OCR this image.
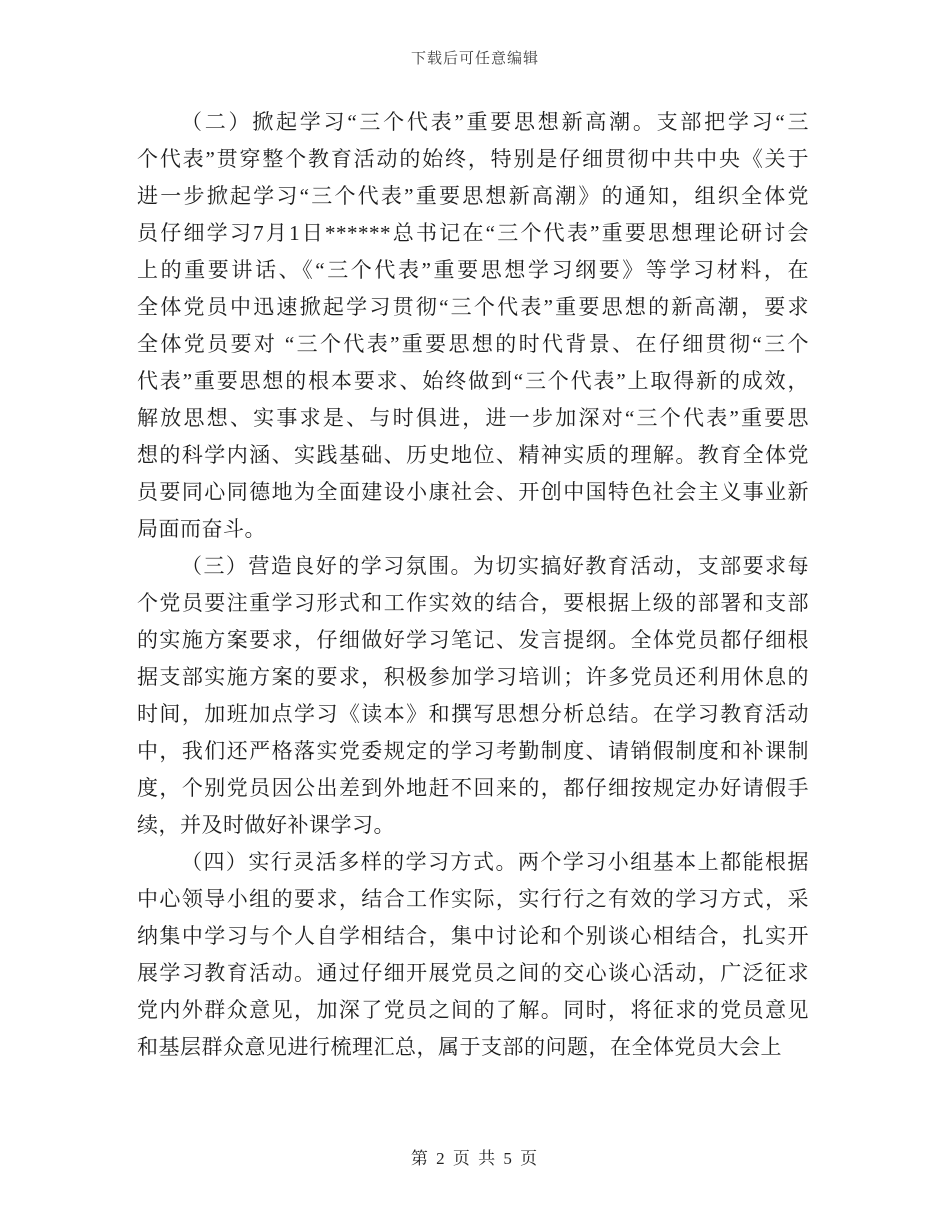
下载后可任意编辑
（二）掀起学习“三个代表”重要思想新高潮。支部把学习“三
个代表”贯穿整个教育活动的始终，特别是仔细贯彻中共中央《关于
进一步掀起学习“三个代表”重要思想新高潮》的通知，组织全体党
员仔细学习7月1日******总书记在“三个代表”重要思想理论研讨会
上的重要讲话、《“三个代表”重要思想学习纲要》等学习材料，在
全体党员中迅速掀起学习贯彻“三个代表”重要思想的新高潮，要求
全体党员要对 “三个代表”重要思想的时代背景、在仔细贯彻“三个
代表”重要思想的根本要求、始终做到“三个代表”上取得新的成效，
解放思想、实事求是、与时俱进，进一步加深对“三个代表”重要思
想的科学内涵、实践基础、历史地位、精神实质的理解。教育全体党
员要同心同德地为全面建设小康社会、开创中国特色社会主义事业新
局面而奋斗。
（三）营造良好的学习氛围。为切实搞好教育活动，支部要求每
个党员要注重学习形式和工作实效的结合，要根据上级的部署和支部
的实施方案要求，仔细做好学习笔记、发言提纲。全体党员都仔细根
据支部实施方案的要求，积极参加学习培训；许多党员还利用休息的
时间，加班加点学习《读本》和撰写思想分析总结。在学习教育活动
中，我们还严格落实党委规定的学习考勤制度、请销假制度和补课制
度，个别党员因公出差到外地赶不回来的，都仔细按规定办好请假手
续，并及时做好补课学习。
（四）实行灵活多样的学习方式。两个学习小组基本上都能根据
中心领导小组的要求，结合工作实际，实行行之有效的学习方式，采
纳集中学习与个人自学相结合，集中讨论和个别谈心相结合，扎实开
展学习教育活动。通过仔细开展党员之间的交心谈心活动，广泛征求
党内外群众意见，加深了党员之间的了解。同时，将征求的党员意见
和基层群众意见进行梳理汇总，属于支部的问题，在全体党员大会上
第 2 页 共 5 页
